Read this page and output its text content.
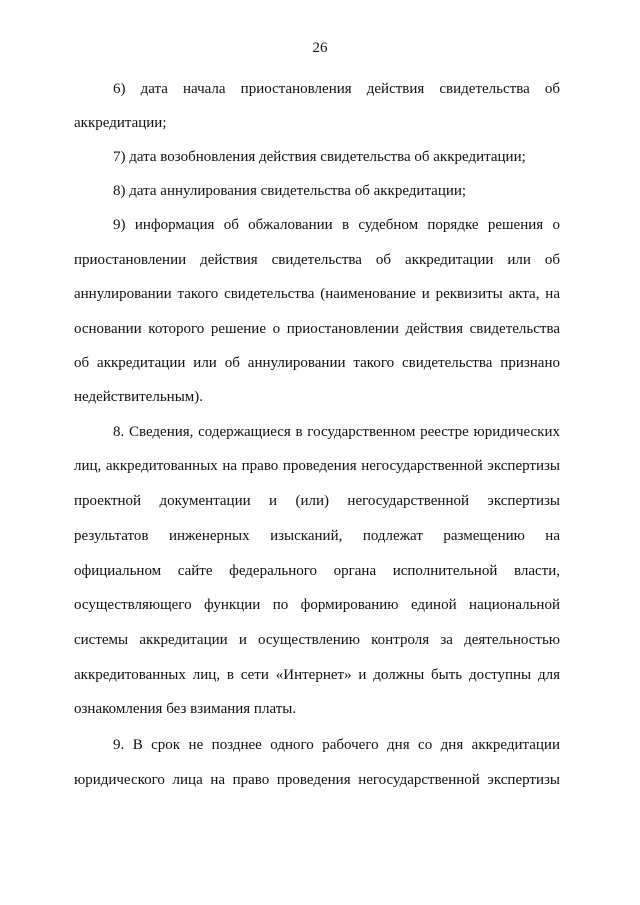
26
6) дата начала приостановления действия свидетельства об
аккредитации;
7) дата возобновления действия свидетельства об аккредитации;
8) дата аннулирования свидетельства об аккредитации;
9) информация об обжаловании в судебном порядке решения о
приостановлении действия свидетельства об аккредитации или об
аннулировании такого свидетельства (наименование и реквизиты акта, на
основании которого решение о приостановлении действия свидетельства
об аккредитации или об аннулировании такого свидетельства признано
недействительным).
8. Сведения, содержащиеся в государственном реестре юридических
лиц, аккредитованных на право проведения негосударственной экспертизы
проектной документации и (или) негосударственной экспертизы
результатов инженерных изысканий, подлежат размещению на
официальном сайте федерального органа исполнительной власти,
осуществляющего функции по формированию единой национальной
системы аккредитации и осуществлению контроля за деятельностью
аккредитованных лиц, в сети «Интернет» и должны быть доступны для
ознакомления без взимания платы.
9. В срок не позднее одного рабочего дня со дня аккредитации
юридического лица на право проведения негосударственной экспертизы
